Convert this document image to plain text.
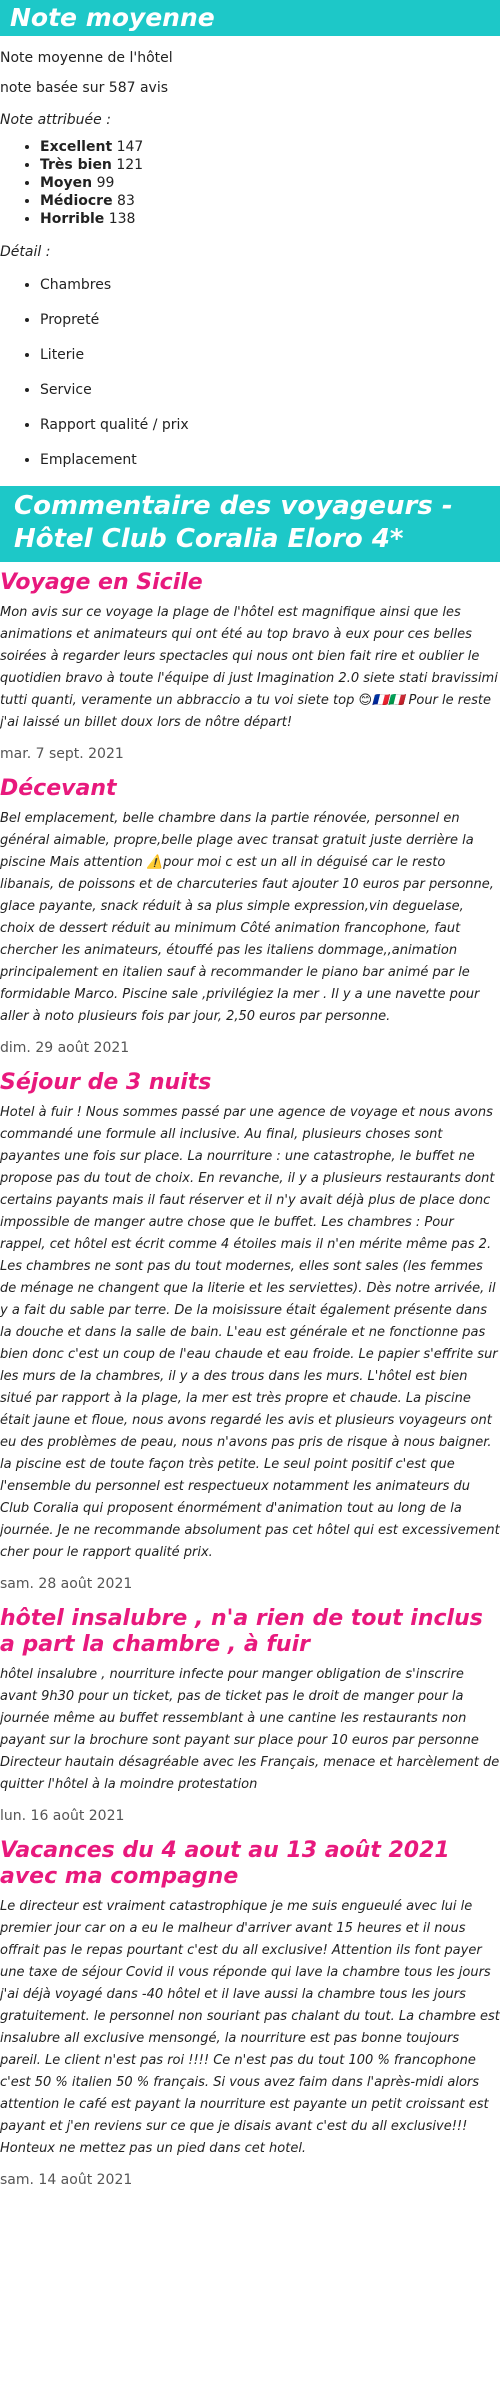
Note moyenne

Note moyenne de l'hôtel

note basée sur 587 avis

Note attribuée :

• Excellent 147
• Très bien 121
• Moyen 99
• Médiocre 83
• Horrible 138

Détail :

• Chambres
• Propreté
• Literie
• Service
• Rapport qualité / prix
• Emplacement
Commentaire des voyageurs - Hôtel Club Coralia Eloro 4*
Voyage en Sicile

Mon avis sur ce voyage la plage de l'hôtel est magnifique ainsi que les animations et animateurs qui ont été au top bravo à eux pour ces belles soirées à regarder leurs spectacles qui nous ont bien fait rire et oublier le quotidien bravo à toute l'équipe di just Imagination 2.0 siete stati bravissimi tutti quanti, veramente un abbraccio a tu voi siete top 😊🇫🇷🇮🇹 Pour le reste j'ai laissé un billet doux lors de nôtre départ!

mar. 7 sept. 2021

Décevant

Bel emplacement, belle chambre dans la partie rénovée, personnel en général aimable, propre,belle plage avec transat gratuit juste derrière la piscine Mais attention ⚠️pour moi c est un all in déguisé car le resto libanais, de poissons et de charcuteries faut ajouter 10 euros par personne, glace payante, snack réduit à sa plus simple expression,vin deguelase, choix de dessert réduit au minimum Côté animation francophone, faut chercher les animateurs, étouffé pas les italiens dommage,,animation principalement en italien sauf à recommander le piano bar animé par le formidable Marco. Piscine sale ,privilégiez la mer . Il y a une navette pour aller à noto plusieurs fois par jour, 2,50 euros par personne.

dim. 29 août 2021

Séjour de 3 nuits

Hotel à fuir ! Nous sommes passé par une agence de voyage et nous avons commandé une formule all inclusive. Au final, plusieurs choses sont payantes une fois sur place. La nourriture : une catastrophe, le buffet ne propose pas du tout de choix. En revanche, il y a plusieurs restaurants dont certains payants mais il faut réserver et il n'y avait déjà plus de place donc impossible de manger autre chose que le buffet. Les chambres : Pour rappel, cet hôtel est écrit comme 4 étoiles mais il n'en mérite même pas 2. Les chambres ne sont pas du tout modernes, elles sont sales (les femmes de ménage ne changent que la literie et les serviettes). Dès notre arrivée, il y a fait du sable par terre. De la moisissure était également présente dans la douche et dans la salle de bain. L'eau est générale et ne fonctionne pas bien donc c'est un coup de l'eau chaude et eau froide. Le papier s'effrite sur les murs de la chambres, il y a des trous dans les murs. L'hôtel est bien situé par rapport à la plage, la mer est très propre et chaude. La piscine était jaune et floue, nous avons regardé les avis et plusieurs voyageurs ont eu des problèmes de peau, nous n'avons pas pris de risque à nous baigner. la piscine est de toute façon très petite. Le seul point positif c'est que l'ensemble du personnel est respectueux notamment les animateurs du Club Coralia qui proposent énormément d'animation tout au long de la journée. Je ne recommande absolument pas cet hôtel qui est excessivement cher pour le rapport qualité prix.

sam. 28 août 2021

hôtel insalubre , n'a rien de tout inclus a part la chambre , à fuir

hôtel insalubre , nourriture infecte pour manger obligation de s'inscrire avant 9h30 pour un ticket, pas de ticket pas le droit de manger pour la journée même au buffet ressemblant à une cantine les restaurants non payant sur la brochure sont payant sur place pour 10 euros par personne Directeur hautain désagréable avec les Français, menace et harcèlement de quitter l'hôtel à la moindre protestation

lun. 16 août 2021

Vacances du 4 aout au 13 août 2021 avec ma compagne

Le directeur est vraiment catastrophique je me suis engueulé avec lui le premier jour car on a eu le malheur d'arriver avant 15 heures et il nous offrait pas le repas pourtant c'est du all exclusive! Attention ils font payer une taxe de séjour Covid il vous réponde qui lave la chambre tous les jours j'ai déjà voyagé dans -40 hôtel et il lave aussi la chambre tous les jours gratuitement. le personnel non souriant pas chalant du tout. La chambre est insalubre all exclusive mensongé, la nourriture est pas bonne toujours pareil. Le client n'est pas roi !!!! Ce n'est pas du tout 100 % francophone c'est 50 % italien 50 % français. Si vous avez faim dans l'après-midi alors attention le café est payant la nourriture est payante un petit croissant est payant et j'en reviens sur ce que je disais avant c'est du all exclusive!!! Honteux ne mettez pas un pied dans cet hotel.

sam. 14 août 2021
